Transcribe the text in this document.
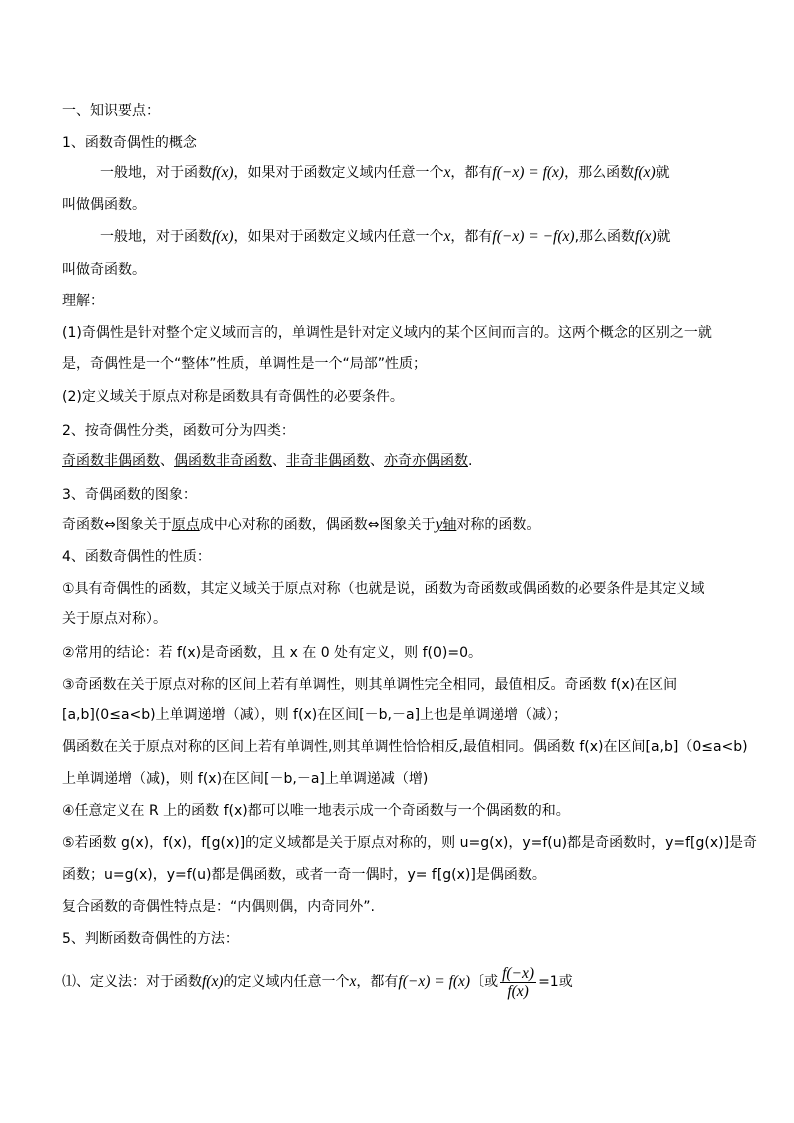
一、知识要点：
1、函数奇偶性的概念
一般地，对于函数f(x)，如果对于函数定义域内任意一个x，都有f(−x) = f(x)，那么函数f(x)就
叫做偶函数。
一般地，对于函数f(x)，如果对于函数定义域内任意一个x，都有f(−x) = −f(x),那么函数f(x)就
叫做奇函数。
理解：
(1)奇偶性是针对整个定义域而言的，单调性是针对定义域内的某个区间而言的。这两个概念的区别之一就
是，奇偶性是一个“整体”性质，单调性是一个“局部”性质；
(2)定义域关于原点对称是函数具有奇偶性的必要条件。
2、按奇偶性分类，函数可分为四类：
奇函数非偶函数、偶函数非奇函数、非奇非偶函数、亦奇亦偶函数.
3、奇偶函数的图象：
奇函数⇔图象关于原点成中心对称的函数，偶函数⇔图象关于y轴对称的函数。
4、函数奇偶性的性质：
①具有奇偶性的函数，其定义域关于原点对称（也就是说，函数为奇函数或偶函数的必要条件是其定义域
关于原点对称）。
②常用的结论：若 f(x)是奇函数，且 x 在 0 处有定义，则 f(0)=0。
③奇函数在关于原点对称的区间上若有单调性，则其单调性完全相同，最值相反。奇函数 f(x)在区间
[a,b](0≤a<b)上单调递增（减），则 f(x)在区间[－b,－a]上也是单调递增（减）；
偶函数在关于原点对称的区间上若有单调性,则其单调性恰恰相反,最值相同。偶函数 f(x)在区间[a,b]（0≤a<b)
上单调递增（减)，则 f(x)在区间[－b,－a]上单调递减（增)
④任意定义在 R 上的函数 f(x)都可以唯一地表示成一个奇函数与一个偶函数的和。
⑤若函数 g(x)，f(x)，f[g(x)]的定义域都是关于原点对称的，则 u=g(x)，y=f(u)都是奇函数时，y=f[g(x)]是奇
函数；u=g(x)，y=f(u)都是偶函数，或者一奇一偶时，y= f[g(x)]是偶函数。
复合函数的奇偶性特点是：“内偶则偶，内奇同外”.
5、判断函数奇偶性的方法：
⑴、定义法：对于函数f(x)的定义域内任意一个x，都有f(−x) = f(x)〔或 $\frac{f(-x)}{f(x)} =1$或
